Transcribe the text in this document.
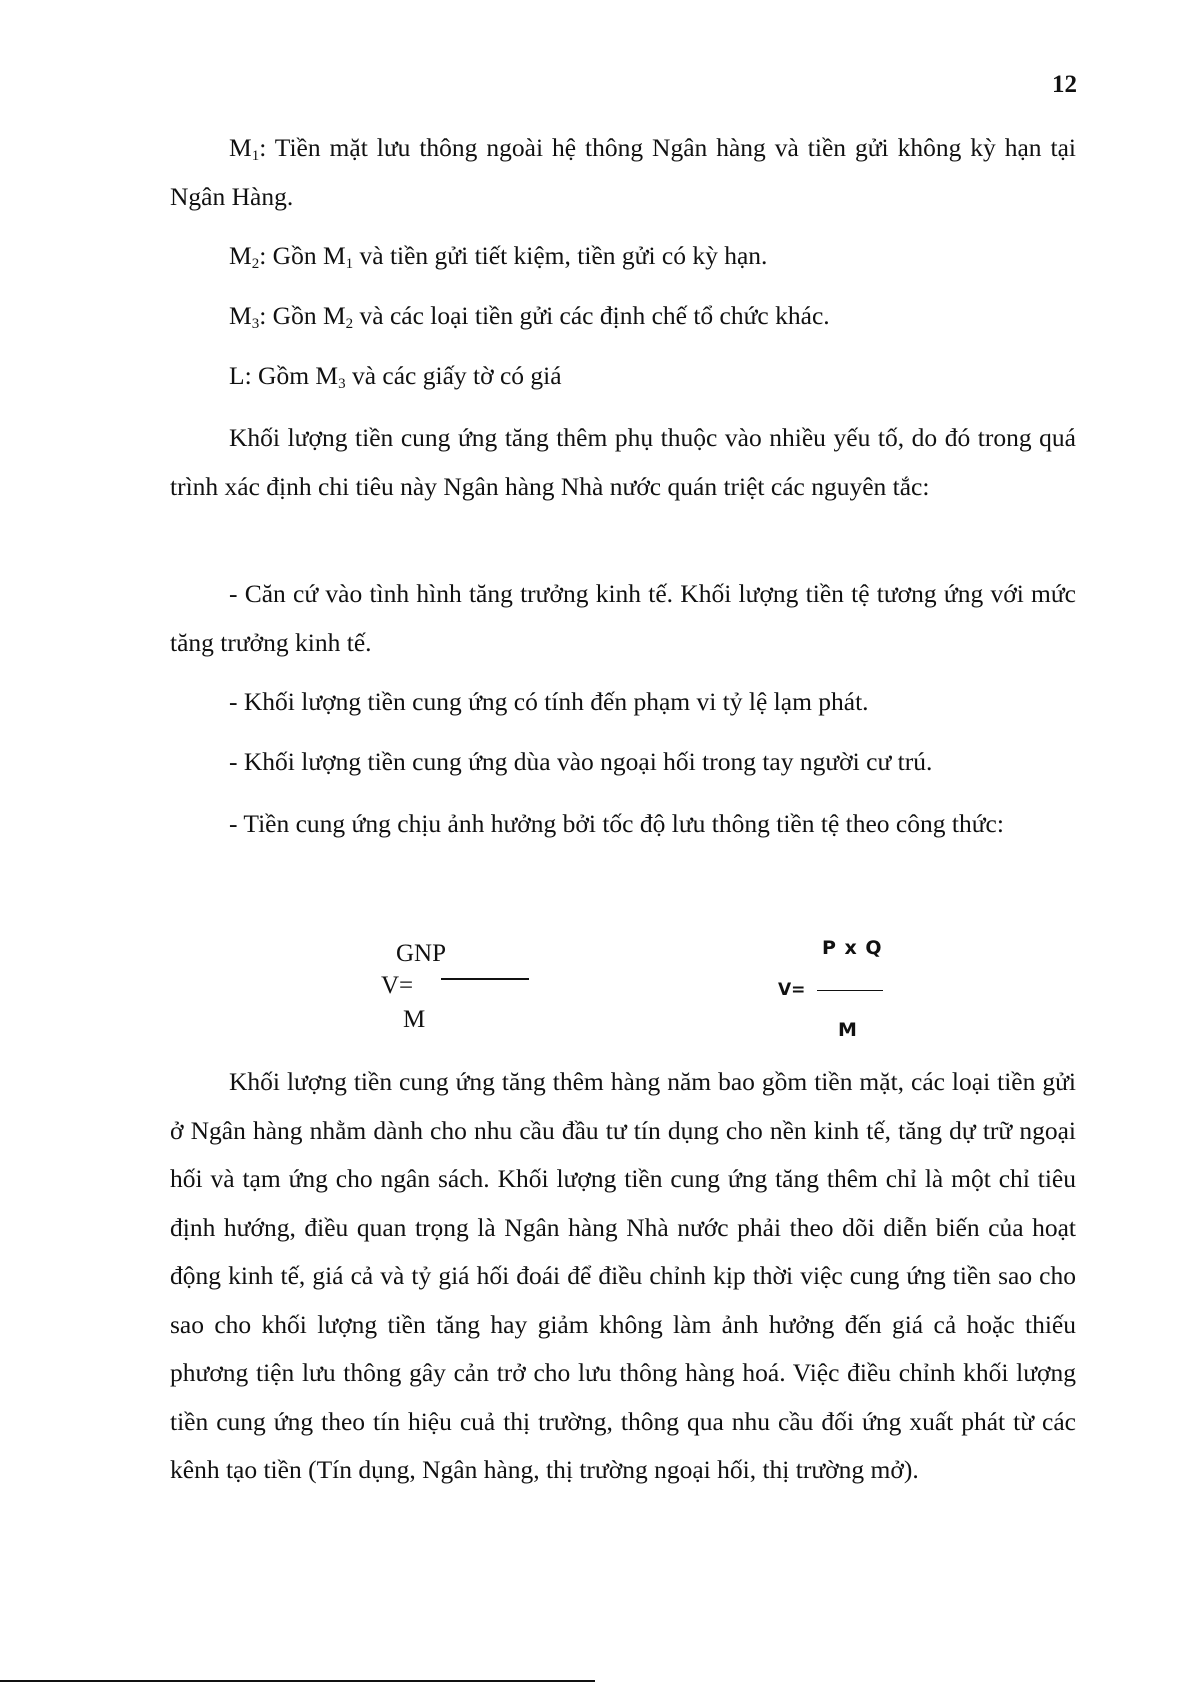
12

$M_1$: Tiền mặt lưu thông ngoài hệ thông Ngân hàng và tiền gửi không kỳ hạn tại Ngân Hàng.

$M_2$: Gồn $M_1$ và tiền gửi tiết kiệm, tiền gửi có kỳ hạn.

$M_3$: Gồn $M_2$ và các loại tiền gửi các định chế tổ chức khác.

L: Gồm $M_3$ và các giấy tờ có giá

Khối lượng tiền cung ứng tăng thêm phụ thuộc vào nhiều yếu tố, do đó trong quá trình xác định chi tiêu này Ngân hàng Nhà nước quán triệt các nguyên tắc:

- Căn cứ vào tình hình tăng trưởng kinh tế. Khối lượng tiền tệ tương ứng với mức tăng trưởng kinh tế.

- Khối lượng tiền cung ứng có tính đến phạm vi tỷ lệ lạm phát.

- Khối lượng tiền cung ứng dùa vào ngoại hối trong tay người cư trú.

- Tiền cung ứng chịu ảnh hưởng bởi tốc độ lưu thông tiền tệ theo công thức:

GNP
V=
M
P x Q
V=
M

Khối lượng tiền cung ứng tăng thêm hàng năm bao gồm tiền mặt, các loại tiền gửi ở Ngân hàng nhằm dành cho nhu cầu đầu tư tín dụng cho nền kinh tế, tăng dự trữ ngoại hối và tạm ứng cho ngân sách. Khối lượng tiền cung ứng tăng thêm chỉ là một chỉ tiêu định hướng, điều quan trọng là Ngân hàng Nhà nước phải theo dõi diễn biến của hoạt động kinh tế, giá cả và tỷ giá hối đoái để điều chỉnh kịp thời việc cung ứng tiền sao cho sao cho khối lượng tiền tăng hay giảm không làm ảnh hưởng đến giá cả hoặc thiếu phương tiện lưu thông gây cản trở cho lưu thông hàng hoá. Việc điều chỉnh khối lượng tiền cung ứng theo tín hiệu cuả thị trường, thông qua nhu cầu đối ứng xuất phát từ các kênh tạo tiền (Tín dụng, Ngân hàng, thị trường ngoại hối, thị trường mở).
